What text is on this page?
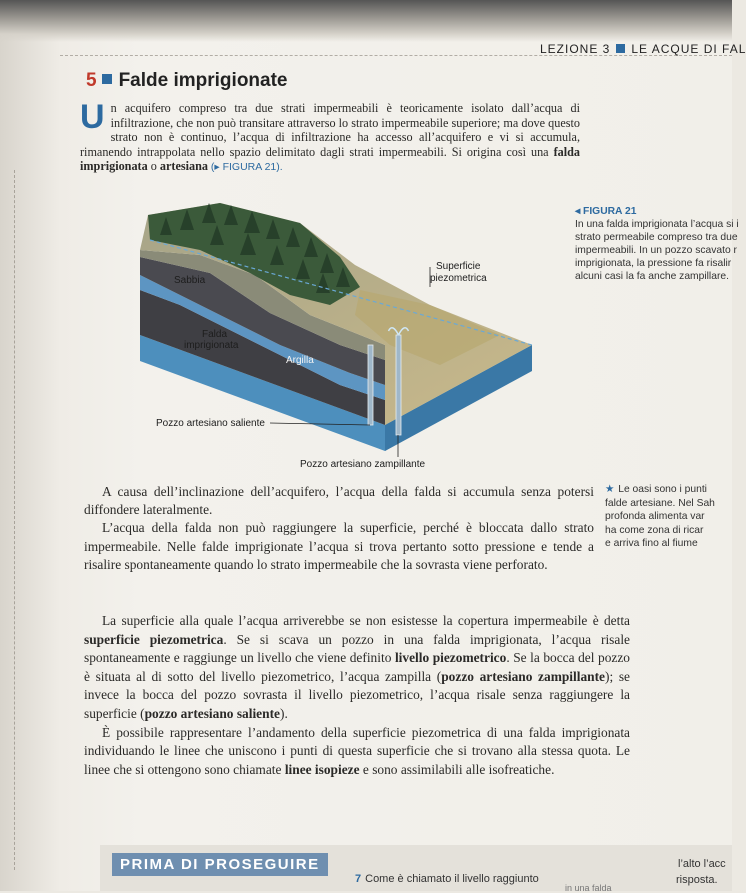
LEZIONE 3 LE ACQUE DI FAL
5 Falde imprigionate
Un acquifero compreso tra due strati impermeabili è teoricamente isolato dall’acqua di infiltrazione, che non può transitare attraverso lo strato impermeabile superiore; ma dove questo strato non è continuo, l’acqua di infiltrazione ha accesso all’acquifero e vi si accumula, rimanendo intrappolata nello spazio delimitato dagli strati impermeabili. Si origina così una falda imprigionata o artesiana (▸ FIGURA 21).
Sabbia
Superficie
piezometrica
Falda
imprigionata
Argilla
Pozzo artesiano saliente
Pozzo artesiano zampillante
◂ FIGURA 21
In una falda imprigionata l’acqua si i
strato permeabile compreso tra due
impermeabili. In un pozzo scavato r
imprigionata, la pressione fa risalir
alcuni casi la fa anche zampillare.
★ Le oasi sono i punti
falde artesiane. Nel Sah
profonda alimenta var
ha come zona di ricar
e arriva fino al fiume

A causa dell’inclinazione dell’acquifero, l’acqua della falda si accumula senza potersi diffondere lateralmente.

L’acqua della falda non può raggiungere la superficie, perché è bloccata dallo strato impermeabile. Nelle falde imprigionate l’acqua si trova pertanto sotto pressione e tende a risalire spontaneamente quando lo strato impermeabile che la sovrasta viene perforato.

La superficie alla quale l’acqua arriverebbe se non esistesse la copertura impermeabile è detta superficie piezometrica. Se si scava un pozzo in una falda imprigionata, l’acqua risale spontaneamente e raggiunge un livello che viene definito livello piezometrico. Se la bocca del pozzo è situata al di sotto del livello piezometrico, l’acqua zampilla (pozzo artesiano zampillante); se invece la bocca del pozzo sovrasta il livello piezometrico, l’acqua risale senza raggiungere la superficie (pozzo artesiano saliente).

È possibile rappresentare l’andamento della superficie piezometrica di una falda imprigionata individuando le linee che uniscono i punti di questa superficie che si trovano alla stessa quota. Le linee che si ottengono sono chiamate linee isopieze e sono assimilabili alle isofreatiche.

PRIMA DI PROSEGUIRE
7 Come è chiamato il livello raggiunto
in una falda
l’alto l’acc
risposta.
